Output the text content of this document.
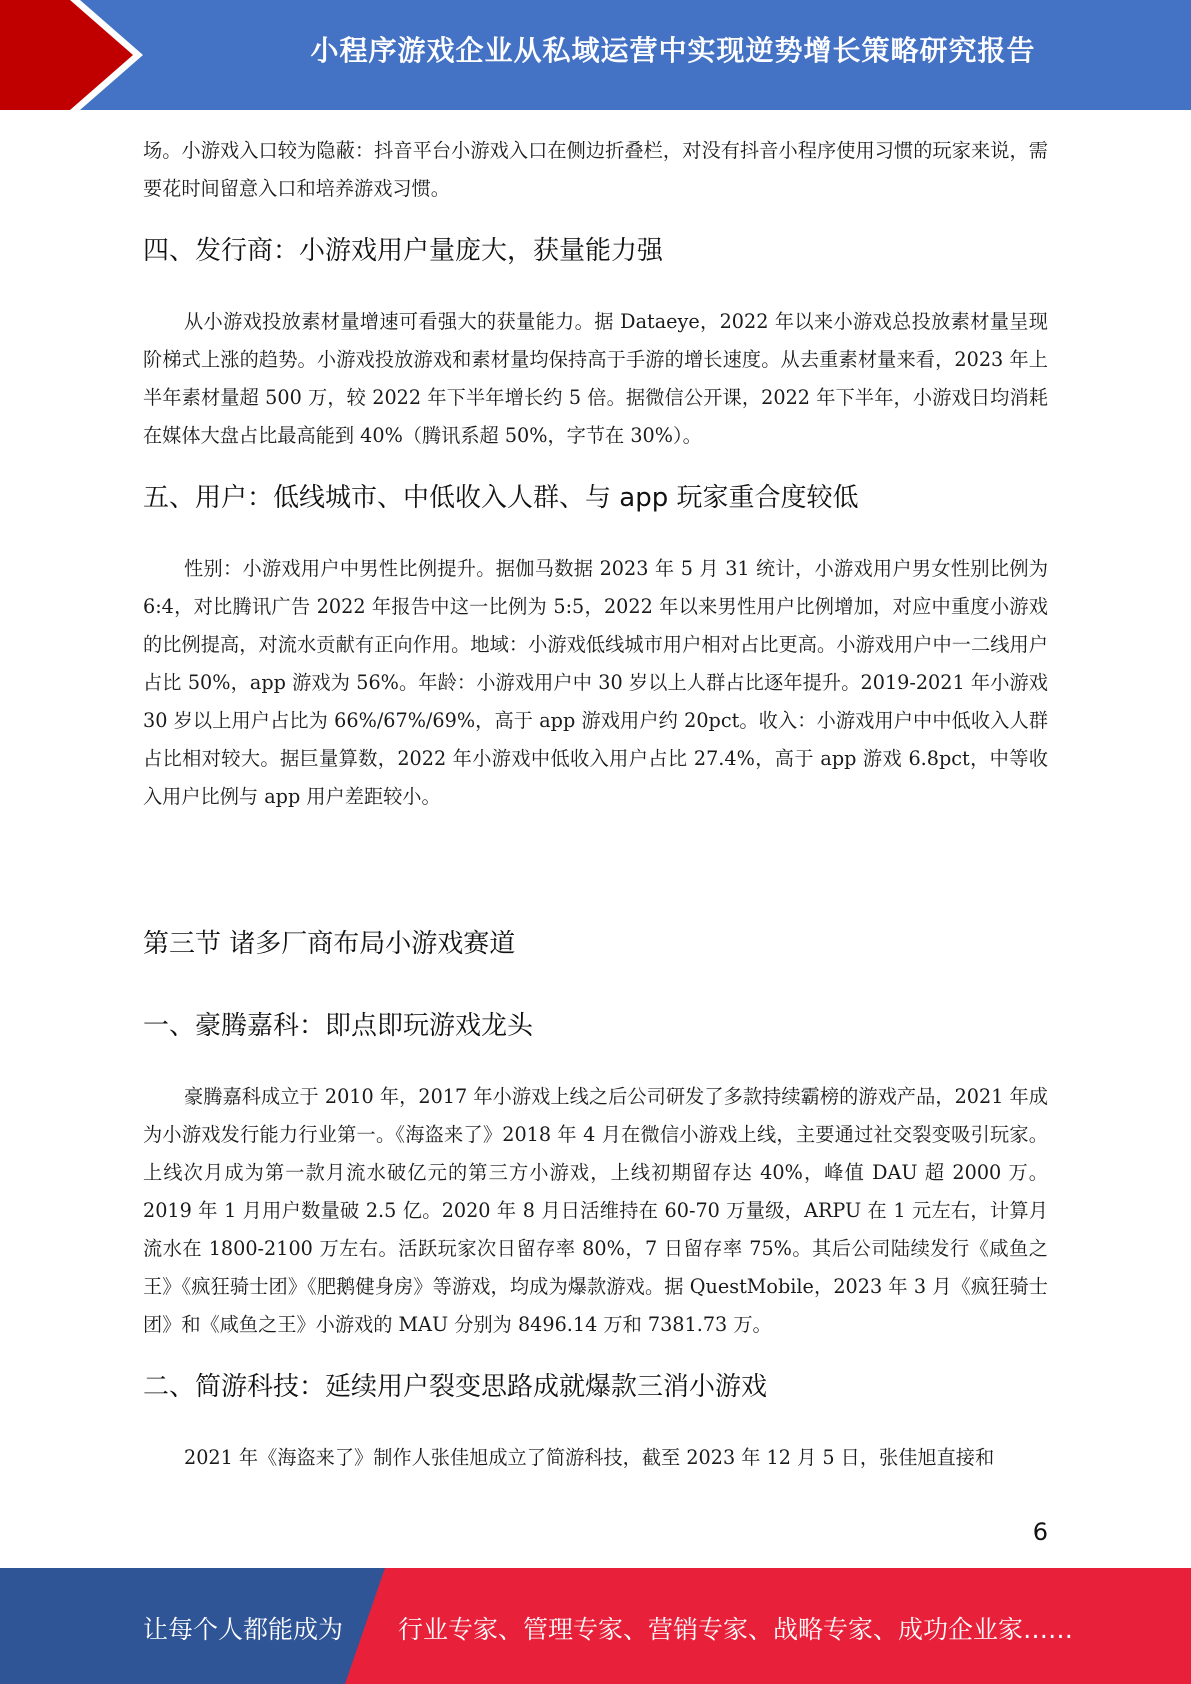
小程序游戏企业从私域运营中实现逆势增长策略研究报告

场。小游戏入口较为隐蔽：抖音平台小游戏入口在侧边折叠栏，对没有抖音小程序使用习惯的玩家来说，需要花时间留意入口和培养游戏习惯。

四、发行商：小游戏用户量庞大，获量能力强

从小游戏投放素材量增速可看强大的获量能力。据 Dataeye，2022 年以来小游戏总投放素材量呈现阶梯式上涨的趋势。小游戏投放游戏和素材量均保持高于手游的增长速度。从去重素材量来看，2023 年上半年素材量超 500 万，较 2022 年下半年增长约 5 倍。据微信公开课，2022 年下半年，小游戏日均消耗在媒体大盘占比最高能到 40%（腾讯系超 50%，字节在 30%）。

五、用户：低线城市、中低收入人群、与 app 玩家重合度较低

性别：小游戏用户中男性比例提升。据伽马数据 2023 年 5 月 31 统计，小游戏用户男女性别比例为 6:4，对比腾讯广告 2022 年报告中这一比例为 5:5，2022 年以来男性用户比例增加，对应中重度小游戏的比例提高，对流水贡献有正向作用。地域：小游戏低线城市用户相对占比更高。小游戏用户中一二线用户占比 50%，app 游戏为 56%。年龄：小游戏用户中 30 岁以上人群占比逐年提升。2019-2021 年小游戏 30 岁以上用户占比为 66%/67%/69%，高于 app 游戏用户约 20pct。收入：小游戏用户中中低收入人群占比相对较大。据巨量算数，2022 年小游戏中低收入用户占比 27.4%，高于 app 游戏 6.8pct，中等收入用户比例与 app 用户差距较小。

第三节 诸多厂商布局小游戏赛道
一、豪腾嘉科：即点即玩游戏龙头

豪腾嘉科成立于 2010 年，2017 年小游戏上线之后公司研发了多款持续霸榜的游戏产品，2021 年成为小游戏发行能力行业第一。《海盗来了》2018 年 4 月在微信小游戏上线，主要通过社交裂变吸引玩家。上线次月成为第一款月流水破亿元的第三方小游戏，上线初期留存达 40%，峰值 DAU 超 2000 万。2019 年 1 月用户数量破 2.5 亿。2020 年 8 月日活维持在 60-70 万量级，ARPU 在 1 元左右，计算月流水在 1800-2100 万左右。活跃玩家次日留存率 80%，7 日留存率 75%。其后公司陆续发行《咸鱼之王》《疯狂骑士团》《肥鹅健身房》等游戏，均成为爆款游戏。据 QuestMobile，2023 年 3 月《疯狂骑士团》和《咸鱼之王》小游戏的 MAU 分别为 8496.14 万和 7381.73 万。

二、简游科技：延续用户裂变思路成就爆款三消小游戏

2021 年《海盗来了》制作人张佳旭成立了简游科技，截至 2023 年 12 月 5 日，张佳旭直接和

6
让每个人都能成为 行业专家、管理专家、营销专家、战略专家、成功企业家……
